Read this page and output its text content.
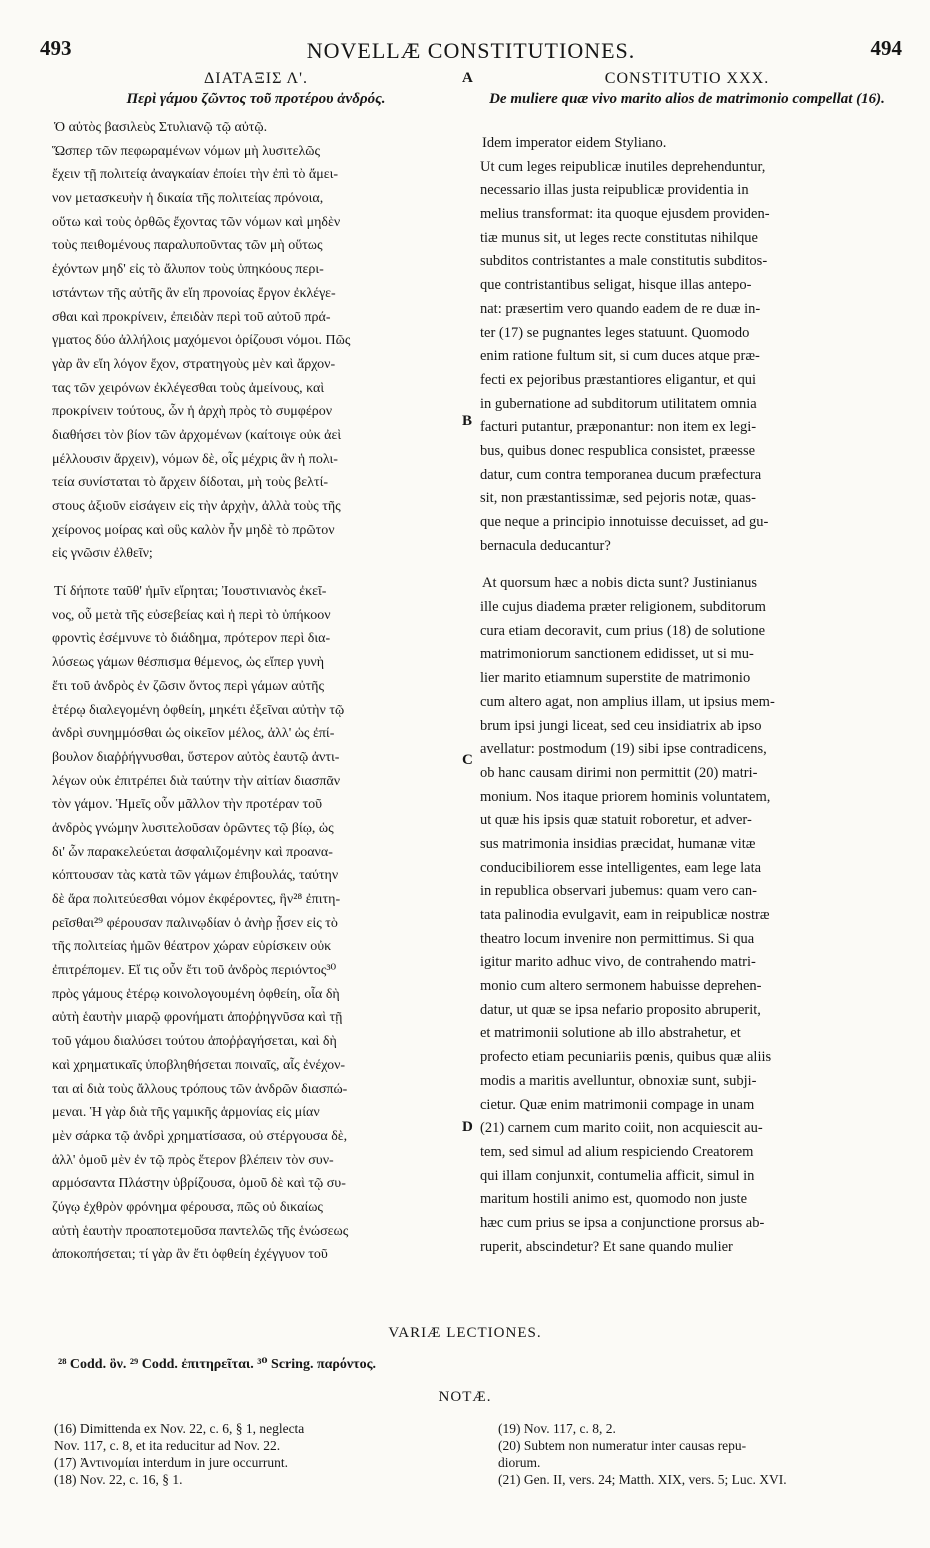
493	NOVELLÆ CONSTITUTIONES.	494
A
B
C
D
ΔΙΑΤΑΞΙΣ Λ'.
Περὶ γάμου ζῶντος τοῦ προτέρου ἀνδρός.
Ὁ αὐτὸς βασιλεὺς Στυλιανῷ τῷ αὐτῷ.
Ὥσπερ τῶν πεφωραμένων νόμων μὴ λυσιτελῶς
ἔχειν τῇ πολιτείᾳ ἀναγκαίαν ἐποίει τὴν ἐπὶ τὸ ἄμει-
νον μετασκευὴν ἡ δικαία τῆς πολιτείας πρόνοια,
οὕτω καὶ τοὺς ὀρθῶς ἔχοντας τῶν νόμων καὶ μηδὲν
τοὺς πειθομένους παραλυποῦντας τῶν μὴ οὕτως
ἐχόντων μηδ' εἰς τὸ ἄλυπον τοὺς ὑπηκόους περι-
ιστάντων τῆς αὐτῆς ἂν εἴη προνοίας ἔργον ἐκλέγε-
σθαι καὶ προκρίνειν, ἐπειδὰν περὶ τοῦ αὐτοῦ πρά-
γματος δύο ἀλλήλοις μαχόμενοι ὁρίζουσι νόμοι. Πῶς
γὰρ ἂν εἴη λόγον ἔχον, στρατηγοὺς μὲν καὶ ἄρχον-
τας τῶν χειρόνων ἐκλέγεσθαι τοὺς ἀμείνους, καὶ
προκρίνειν τούτους, ὧν ἡ ἀρχὴ πρὸς τὸ συμφέρον
διαθήσει τὸν βίον τῶν ἀρχομένων (καίτοιγε οὐκ ἀεὶ
μέλλουσιν ἄρχειν), νόμων δὲ, οἷς μέχρις ἂν ἡ πολι-
τεία συνίσταται τὸ ἄρχειν δίδοται, μὴ τοὺς βελτί-
στους ἀξιοῦν εἰσάγειν εἰς τὴν ἀρχὴν, ἀλλὰ τοὺς τῆς
χείρονος μοίρας καὶ οὓς καλὸν ἦν μηδὲ τὸ πρῶτον
εἰς γνῶσιν ἐλθεῖν;
Τί δήποτε ταῦθ' ἡμῖν εἴρηται; Ἰουστινιανὸς ἐκεῖ-
νος, οὗ μετὰ τῆς εὐσεβείας καὶ ἡ περὶ τὸ ὑπήκοον
φροντὶς ἐσέμνυνε τὸ διάδημα, πρότερον περὶ δια-
λύσεως γάμων θέσπισμα θέμενος, ὡς εἴπερ γυνὴ
ἔτι τοῦ ἀνδρὸς ἐν ζῶσιν ὄντος περὶ γάμων αὐτῆς
ἑτέρῳ διαλεγομένη ὀφθείη, μηκέτι ἐξεῖναι αὐτὴν τῷ
ἀνδρὶ συνημμόσθαι ὡς οἰκεῖον μέλος, ἀλλ' ὡς ἐπί-
βουλον διαῤῥήγνυσθαι, ὕστερον αὐτὸς ἑαυτῷ ἀντι-
λέγων οὐκ ἐπιτρέπει διὰ ταύτην τὴν αἰτίαν διασπᾶν
τὸν γάμον. Ἡμεῖς οὖν μᾶλλον τὴν προτέραν τοῦ
ἀνδρὸς γνώμην λυσιτελοῦσαν ὁρῶντες τῷ βίῳ, ὡς
δι' ὧν παρακελεύεται ἀσφαλιζομένην καὶ προανα-
κόπτουσαν τὰς κατὰ τῶν γάμων ἐπιβουλάς, ταύτην
δὲ ἄρα πολιτεύεσθαι νόμον ἐκφέροντες, ἣν²⁸ ἐπιτη-
ρεῖσθαι²⁹ φέρουσαν παλινῳδίαν ὁ ἀνὴρ ᾖσεν εἰς τὸ
τῆς πολιτείας ἡμῶν θέατρον χώραν εὑρίσκειν οὐκ
ἐπιτρέπομεν. Εἴ τις οὖν ἔτι τοῦ ἀνδρὸς περιόντος³⁰
πρὸς γάμους ἑτέρῳ κοινολογουμένη ὀφθείη, οἷα δὴ
αὐτὴ ἑαυτὴν μιαρῷ φρονήματι ἀποῤῥηγνῦσα καὶ τῇ
τοῦ γάμου διαλύσει τούτου ἀποῤῥαγήσεται, καὶ δὴ
καὶ χρηματικαῖς ὑποβληθήσεται ποιναῖς, αἷς ἐνέχον-
ται αἱ διὰ τοὺς ἄλλους τρόπους τῶν ἀνδρῶν διασπώ-
μεναι. Ἡ γὰρ διὰ τῆς γαμικῆς ἁρμονίας εἰς μίαν
μὲν σάρκα τῷ ἀνδρὶ χρηματίσασα, οὐ στέργουσα δὲ,
ἀλλ' ὁμοῦ μὲν ἐν τῷ πρὸς ἕτερον βλέπειν τὸν συν-
αρμόσαντα Πλάστην ὑβρίζουσα, ὁμοῦ δὲ καὶ τῷ συ-
ζύγῳ ἐχθρὸν φρόνημα φέρουσα, πῶς οὐ δικαίως
αὐτὴ ἑαυτὴν προαποτεμοῦσα παντελῶς τῆς ἑνώσεως
ἀποκοπήσεται; τί γὰρ ἂν ἔτι ὀφθείη ἐχέγγυον τοῦ
CONSTITUTIO XXX.
De muliere quæ vivo marito alios de matrimonio compellat (16).
Idem imperator eidem Styliano.
Ut cum leges reipublicæ inutiles deprehenduntur,
necessario illas justa reipublicæ providentia in
melius transformat: ita quoque ejusdem providen-
tiæ munus sit, ut leges recte constitutas nihilque
subditos contristantes a male constitutis subditos-
que contristantibus seligat, hisque illas antepo-
nat: præsertim vero quando eadem de re duæ in-
ter (17) se pugnantes leges statuunt. Quomodo
enim ratione fultum sit, si cum duces atque præ-
fecti ex pejoribus præstantiores eligantur, et qui
in gubernatione ad subditorum utilitatem omnia
facturi putantur, præponantur: non item ex legi-
bus, quibus donec respublica consistet, præesse
datur, cum contra temporanea ducum præfectura
sit, non præstantissimæ, sed pejoris notæ, quas-
que neque a principio innotuisse decuisset, ad gu-
bernacula deducantur?
At quorsum hæc a nobis dicta sunt? Justinianus
ille cujus diadema præter religionem, subditorum
cura etiam decoravit, cum prius (18) de solutione
matrimoniorum sanctionem edidisset, ut si mu-
lier marito etiamnum superstite de matrimonio
cum altero agat, non amplius illam, ut ipsius mem-
brum ipsi jungi liceat, sed ceu insidiatrix ab ipso
avellatur: postmodum (19) sibi ipse contradicens,
ob hanc causam dirimi non permittit (20) matri-
monium. Nos itaque priorem hominis voluntatem,
ut quæ his ipsis quæ statuit roboretur, et adver-
sus matrimonia insidias præcidat, humanæ vitæ
conducibiliorem esse intelligentes, eam lege lata
in republica observari jubemus: quam vero can-
tata palinodia evulgavit, eam in reipublicæ nostræ
theatro locum invenire non permittimus. Si qua
igitur marito adhuc vivo, de contrahendo matri-
monio cum altero sermonem habuisse deprehen-
datur, ut quæ se ipsa nefario proposito abruperit,
et matrimonii solutione ab illo abstrahetur, et
profecto etiam pecuniariis pœnis, quibus quæ aliis
modis a maritis avelluntur, obnoxiæ sunt, subji-
cietur. Quæ enim matrimonii compage in unam
(21) carnem cum marito coiit, non acquiescit au-
tem, sed simul ad alium respiciendo Creatorem
qui illam conjunxit, contumelia afficit, simul in
maritum hostili animo est, quomodo non juste
hæc cum prius se ipsa a conjunctione prorsus ab-
ruperit, abscindetur? Et sane quando mulier
VARIÆ LECTIONES.
²⁸ Codd. ὃν. ²⁹ Codd. ἐπιτηρεῖται. ³⁰ Scring. παρόντος.
NOTÆ.
(16) Dimittenda ex Nov. 22, c. 6, § 1, neglecta
Nov. 117, c. 8, et ita reducitur ad Nov. 22.
(17) Ἀντινομίαι interdum in jure occurrunt.
(18) Nov. 22, c. 16, § 1.
(19) Nov. 117, c. 8, 2.
(20) Subtem non numeratur inter causas repu-
diorum.
(21) Gen. II, vers. 24; Matth. XIX, vers. 5; Luc. XVI.
